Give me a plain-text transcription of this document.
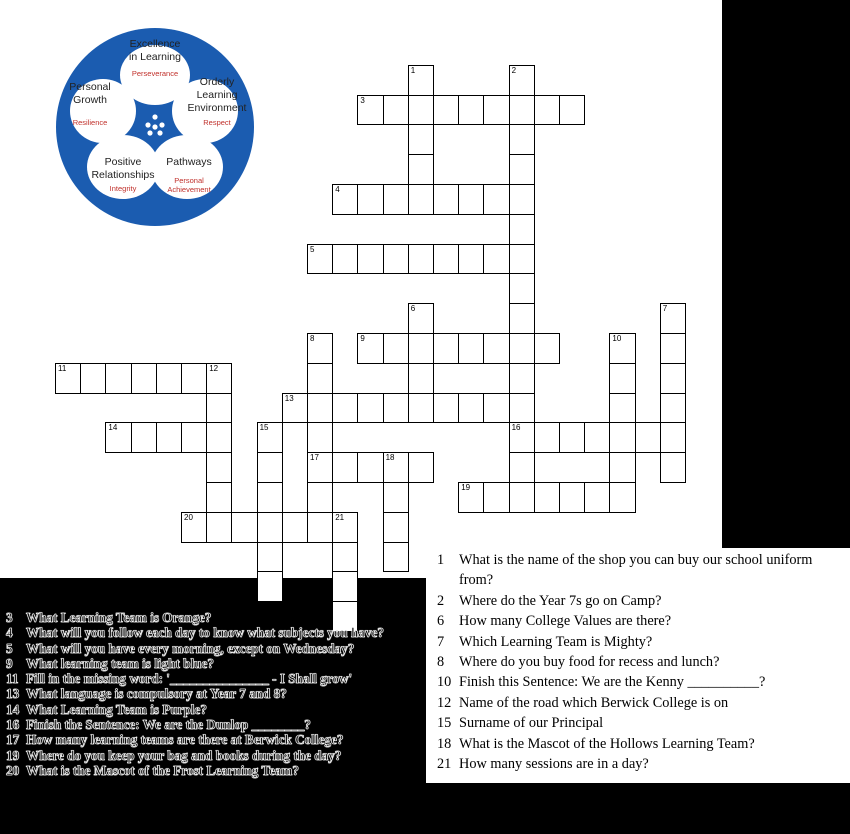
Excellence
in Learning
Perseverance
Orderly
Learning
Environment
Respect
Pathways
Personal
Achievement
Positive
Relationships
Integrity
Personal
Growth
Resilience
1	2
16
3
4
5
6	7
8
17
9	10
11	12
13
14	15
18
19
20	21
1	What is the name of the shop you can buy our school uniform from?
2	Where do the Year 7s go on Camp?
6	How many College Values are there?
7	Which Learning Team is Mighty?
8	Where do you buy food for recess and lunch?
10 Finish this Sentence: We are the Kenny __________?
12 Name of the road which Berwick College is on
15 Surname of our Principal
18 What is the Mascot of the Hollows Learning Team?
21 How many sessions are in a day?
3	What Learning Team is Orange?
4	What will you follow each day to know what subjects you have?
5	What will you have every morning, except on Wednesday?
9	What learning team is light blue?
11 Fill in the missing word: '_______________ - I Shall grow'
13 What language is compulsory at Year 7 and 8?
14 What Learning Team is Purple?
16 Finish the Sentence: We are the Dunlop ________?
17 How many learning teams are there at Berwick College?
19 Where do you keep your bag and books during the day?
20 What is the Mascot of the Frost Learning Team?
